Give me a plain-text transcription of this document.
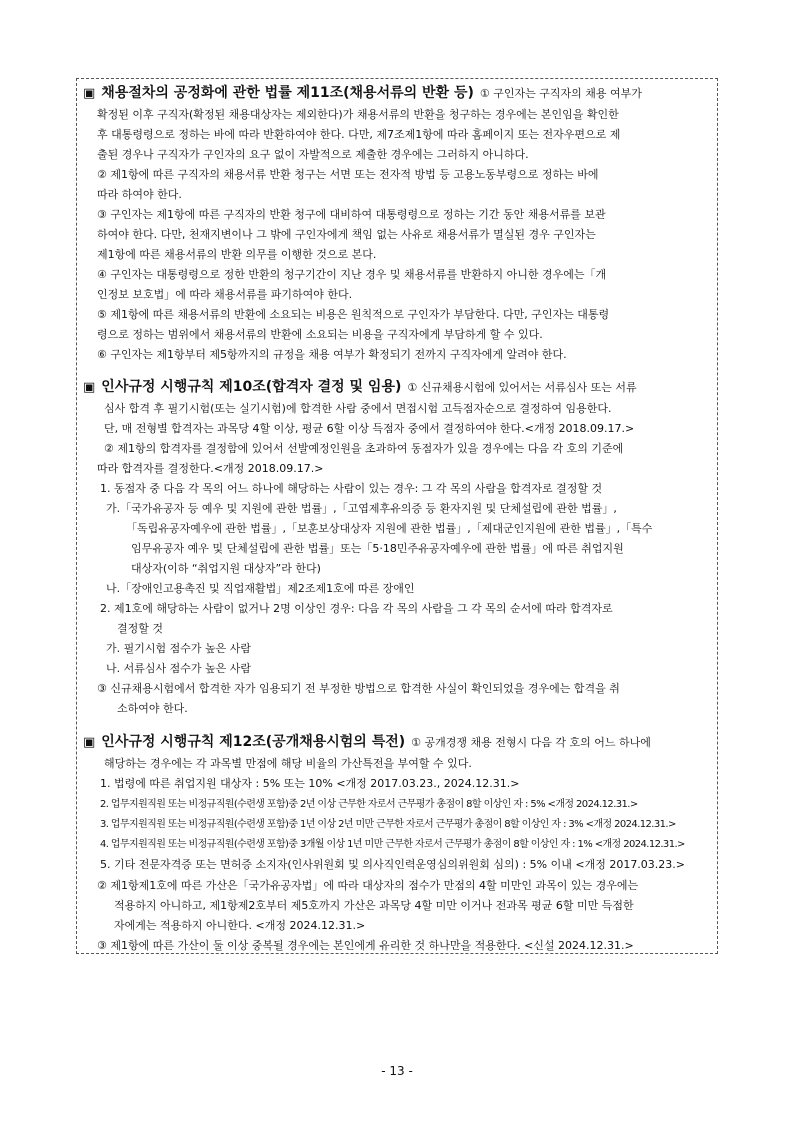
▣ 채용절차의 공정화에 관한 법률 제11조(채용서류의 반환 등) ① 구인자는 구직자의 채용 여부가
확정된 이후 구직자(확정된 채용대상자는 제외한다)가 채용서류의 반환을 청구하는 경우에는 본인임을 확인한
후 대통령령으로 정하는 바에 따라 반환하여야 한다. 다만, 제7조제1항에 따라 홈페이지 또는 전자우편으로 제
출된 경우나 구직자가 구인자의 요구 없이 자발적으로 제출한 경우에는 그러하지 아니하다.
② 제1항에 따른 구직자의 채용서류 반환 청구는 서면 또는 전자적 방법 등 고용노동부령으로 정하는 바에
따라 하여야 한다.
③ 구인자는 제1항에 따른 구직자의 반환 청구에 대비하여 대통령령으로 정하는 기간 동안 채용서류를 보관
하여야 한다. 다만, 천재지변이나 그 밖에 구인자에게 책임 없는 사유로 채용서류가 멸실된 경우 구인자는
제1항에 따른 채용서류의 반환 의무를 이행한 것으로 본다.
④ 구인자는 대통령령으로 정한 반환의 청구기간이 지난 경우 및 채용서류를 반환하지 아니한 경우에는「개
인정보 보호법」에 따라 채용서류를 파기하여야 한다.
⑤ 제1항에 따른 채용서류의 반환에 소요되는 비용은 원칙적으로 구인자가 부담한다. 다만, 구인자는 대통령
령으로 정하는 범위에서 채용서류의 반환에 소요되는 비용을 구직자에게 부담하게 할 수 있다.
⑥ 구인자는 제1항부터 제5항까지의 규정을 채용 여부가 확정되기 전까지 구직자에게 알려야 한다.
▣ 인사규정 시행규칙 제10조(합격자 결정 및 임용) ① 신규채용시험에 있어서는 서류심사 또는 서류
심사 합격 후 필기시험(또는 실기시험)에 합격한 사람 중에서 면접시험 고득점자순으로 결정하여 임용한다.
단, 매 전형별 합격자는 과목당 4할 이상, 평균 6할 이상 득점자 중에서 결정하여야 한다.<개정 2018.09.17.>
② 제1항의 합격자를 결정함에 있어서 선발예정인원을 초과하여 동점자가 있을 경우에는 다음 각 호의 기준에
따라 합격자를 결정한다.<개정 2018.09.17.>
1. 동점자 중 다음 각 목의 어느 하나에 해당하는 사람이 있는 경우: 그 각 목의 사람을 합격자로 결정할 것
가.「국가유공자 등 예우 및 지원에 관한 법률」,「고엽제후유의증 등 환자지원 및 단체설립에 관한 법률」,
「독립유공자예우에 관한 법률」,「보훈보상대상자 지원에 관한 법률」,「제대군인지원에 관한 법률」,「특수
임무유공자 예우 및 단체설립에 관한 법률」또는「5·18민주유공자예우에 관한 법률」에 따른 취업지원
대상자(이하 “취업지원 대상자”라 한다)
나.「장애인고용촉진 및 직업재활법」제2조제1호에 따른 장애인
2. 제1호에 해당하는 사람이 없거나 2명 이상인 경우: 다음 각 목의 사람을 그 각 목의 순서에 따라 합격자로
결정할 것
가. 필기시험 점수가 높은 사람
나. 서류심사 점수가 높은 사람
③ 신규채용시험에서 합격한 자가 임용되기 전 부정한 방법으로 합격한 사실이 확인되었을 경우에는 합격을 취
소하여야 한다.
▣ 인사규정 시행규칙 제12조(공개채용시험의 특전) ① 공개경쟁 채용 전형시 다음 각 호의 어느 하나에
해당하는 경우에는 각 과목별 만점에 해당 비율의 가산특전을 부여할 수 있다.
1. 법령에 따른 취업지원 대상자 : 5% 또는 10% <개정 2017.03.23., 2024.12.31.>
2. 업무지원직원 또는 비정규직원(수련생 포함)중 2년 이상 근무한 자로서 근무평가 총점이 8할 이상인 자 : 5% <개정 2024.12.31.>
3. 업무지원직원 또는 비정규직원(수련생 포함)중 1년 이상 2년 미만 근무한 자로서 근무평가 총점이 8할 이상인 자 : 3% <개정 2024.12.31.>
4. 업무지원직원 또는 비정규직원(수련생 포함)중 3개월 이상 1년 미만 근무한 자로서 근무평가 총점이 8할 이상인 자 : 1% <개정 2024.12.31.>
5. 기타 전문자격증 또는 면허증 소지자(인사위원회 및 의사직인력운영심의위원회 심의) : 5% 이내 <개정 2017.03.23.>
② 제1항제1호에 따른 가산은「국가유공자법」에 따라 대상자의 점수가 만점의 4할 미만인 과목이 있는 경우에는
적용하지 아니하고, 제1항제2호부터 제5호까지 가산은 과목당 4할 미만 이거나 전과목 평균 6할 미만 득점한
자에게는 적용하지 아니한다. <개정 2024.12.31.>
③ 제1항에 따른 가산이 둘 이상 중복될 경우에는 본인에게 유리한 것 하나만을 적용한다. <신설 2024.12.31.>
- 13 -
